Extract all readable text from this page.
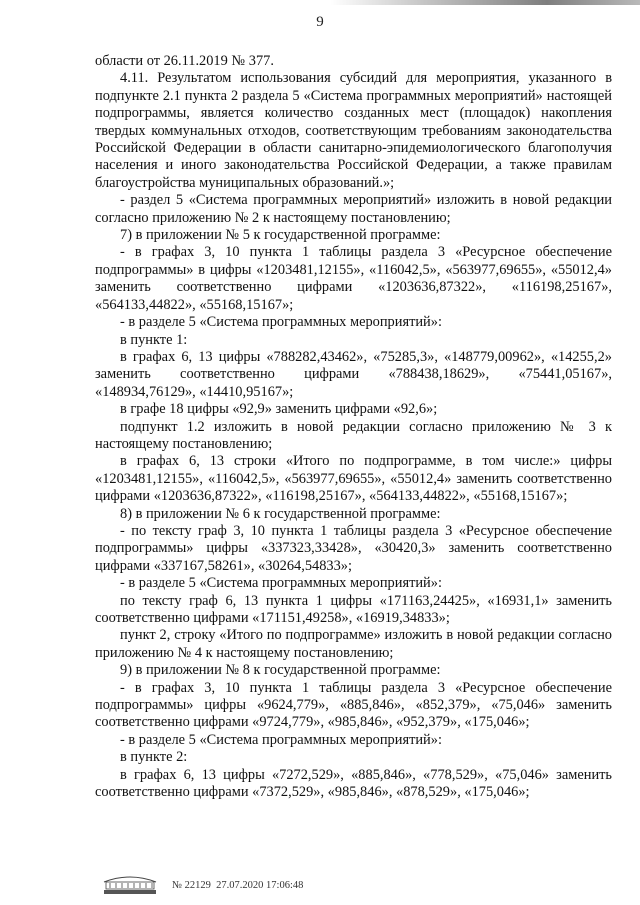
9

области от 26.11.2019 № 377.

4.11. Результатом использования субсидий для мероприятия, указанного в подпункте 2.1 пункта 2 раздела 5 «Система программных мероприятий» настоящей подпрограммы, является количество созданных мест (площадок) накопления твердых коммунальных отходов, соответствующим требованиям законодательства Российской Федерации в области санитарно-эпидемиологического благополучия населения и иного законодательства Российской Федерации, а также правилам благоустройства муниципальных образований.»;

- раздел 5 «Система программных мероприятий» изложить в новой редакции согласно приложению № 2 к настоящему постановлению;

7) в приложении № 5 к государственной программе:

- в графах 3, 10 пункта 1 таблицы раздела 3 «Ресурсное обеспечение подпрограммы» в цифры «1203481,12155», «116042,5», «563977,69655», «55012,4» заменить соответственно цифрами «1203636,87322», «116198,25167», «564133,44822», «55168,15167»;

- в разделе 5 «Система программных мероприятий»:

в пункте 1:

в графах 6, 13 цифры «788282,43462», «75285,3», «148779,00962», «14255,2» заменить соответственно цифрами «788438,18629», «75441,05167», «148934,76129», «14410,95167»;

в графе 18 цифры «92,9» заменить цифрами «92,6»;

подпункт 1.2 изложить в новой редакции согласно приложению № 3 к настоящему постановлению;

в графах 6, 13 строки «Итого по подпрограмме, в том числе:» цифры «1203481,12155», «116042,5», «563977,69655», «55012,4» заменить соответственно цифрами «1203636,87322», «116198,25167», «564133,44822», «55168,15167»;

8) в приложении № 6 к государственной программе:

- по тексту граф 3, 10 пункта 1 таблицы раздела 3 «Ресурсное обеспечение подпрограммы» цифры «337323,33428», «30420,3» заменить соответственно цифрами «337167,58261», «30264,54833»;

- в разделе 5 «Система программных мероприятий»:

по тексту граф 6, 13 пункта 1 цифры «171163,24425», «16931,1» заменить соответственно цифрами «171151,49258», «16919,34833»;

пункт 2, строку «Итого по подпрограмме» изложить в новой редакции согласно приложению № 4 к настоящему постановлению;

9) в приложении № 8 к государственной программе:

- в графах 3, 10 пункта 1 таблицы раздела 3 «Ресурсное обеспечение подпрограммы» цифры «9624,779», «885,846», «852,379», «75,046» заменить соответственно цифрами «9724,779», «985,846», «952,379», «175,046»;

- в разделе 5 «Система программных мероприятий»:

в пункте 2:

в графах 6, 13 цифры «7272,529», «885,846», «778,529», «75,046» заменить соответственно цифрами «7372,529», «985,846», «878,529», «175,046»;

№ 22129 27.07.2020 17:06:48
